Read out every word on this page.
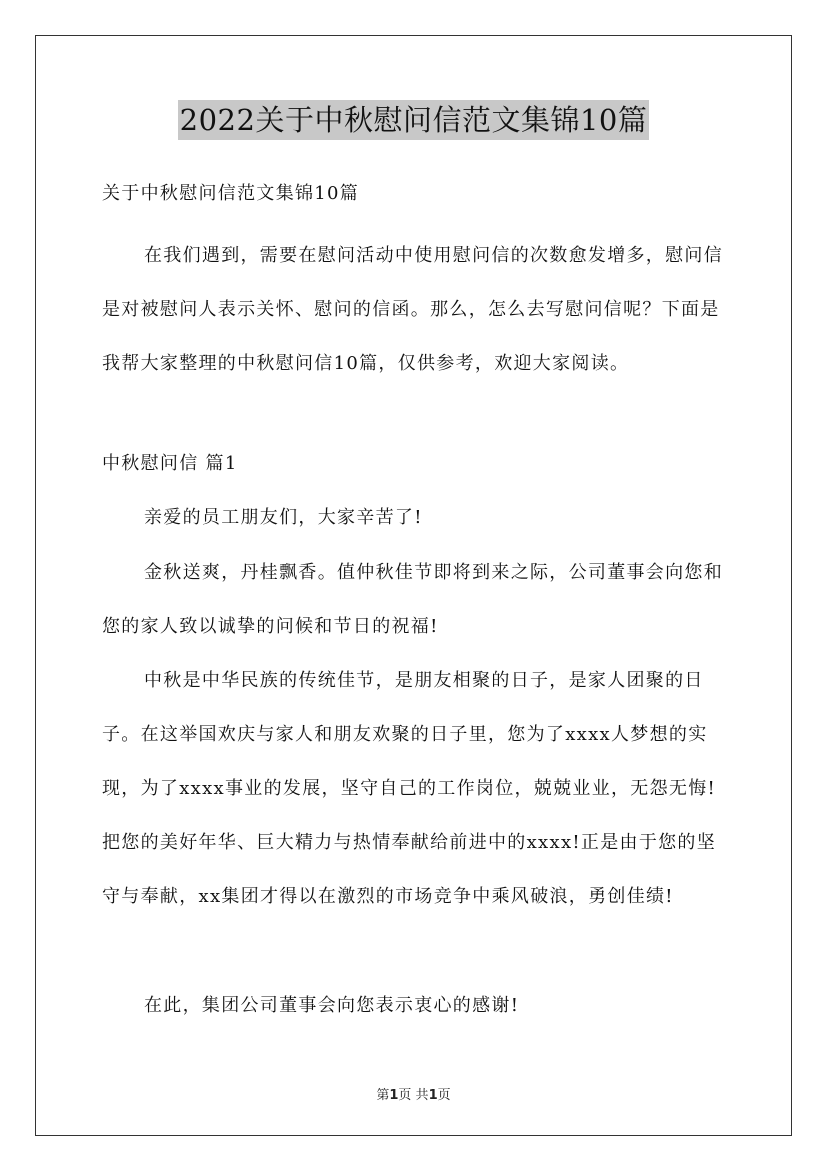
2022关于中秋慰问信范文集锦10篇

关于中秋慰问信范文集锦10篇

在我们遇到，需要在慰问活动中使用慰问信的次数愈发增多，慰问信是对被慰问人表示关怀、慰问的信函。那么，怎么去写慰问信呢？下面是我帮大家整理的中秋慰问信10篇，仅供参考，欢迎大家阅读。

中秋慰问信 篇1

亲爱的员工朋友们，大家辛苦了!

金秋送爽，丹桂飘香。值仲秋佳节即将到来之际，公司董事会向您和您的家人致以诚挚的问候和节日的祝福!

中秋是中华民族的传统佳节，是朋友相聚的日子，是家人团聚的日子。在这举国欢庆与家人和朋友欢聚的日子里，您为了xxxx人梦想的实现，为了xxxx事业的发展，坚守自己的工作岗位，兢兢业业，无怨无悔!把您的美好年华、巨大精力与热情奉献给前进中的xxxx!正是由于您的坚守与奉献，xx集团才得以在激烈的市场竞争中乘风破浪，勇创佳绩!

在此，集团公司董事会向您表示衷心的感谢!

第1页 共1页
